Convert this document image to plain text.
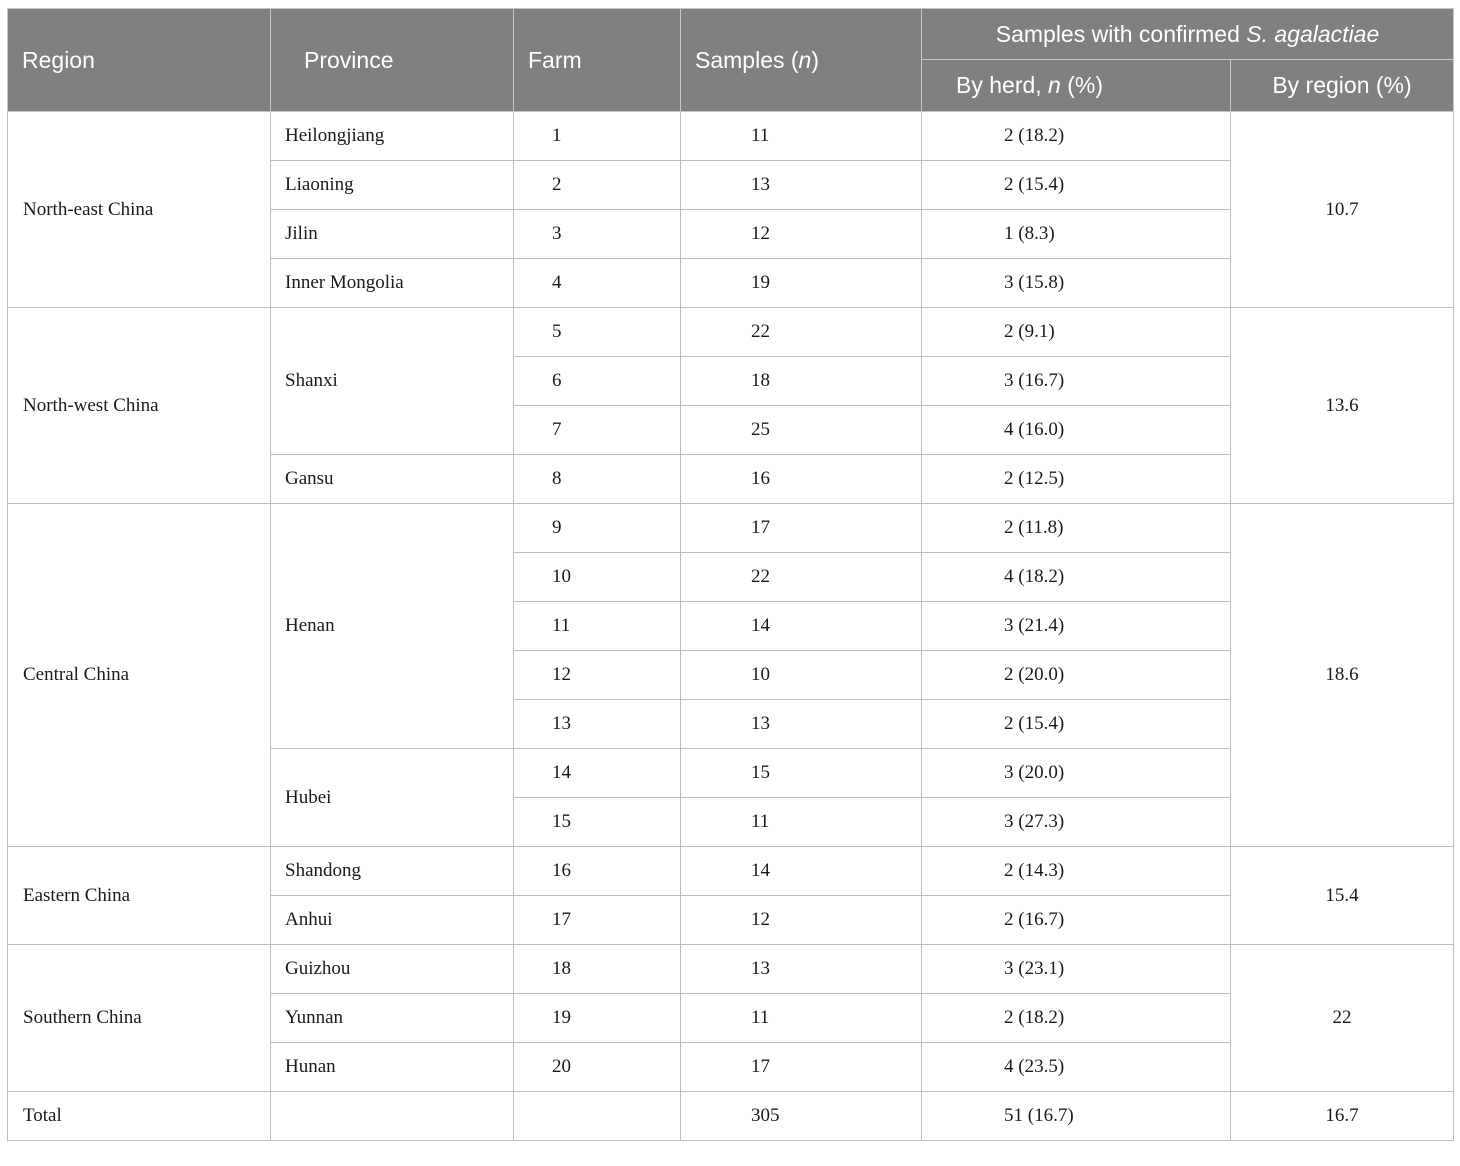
Region	Province	Farm	Samples (n)	Samples with confirmed S. agalactiae	
				By herd, n (%)	By region (%)
North-east China	Heilongjiang	1	11	2 (18.2)	10.7
	Liaoning	2	13	2 (15.4)	
	Jilin	3	12	1 (8.3)	
	Inner Mongolia	4	19	3 (15.8)	
North-west China	Shanxi	5	22	2 (9.1)	13.6
		6	18	3 (16.7)	
		7	25	4 (16.0)	
	Gansu	8	16	2 (12.5)	
Central China	Henan	9	17	2 (11.8)	18.6
		10	22	4 (18.2)	
		11	14	3 (21.4)	
		12	10	2 (20.0)	
		13	13	2 (15.4)	
	Hubei	14	15	3 (20.0)	
		15	11	3 (27.3)	
Eastern China	Shandong	16	14	2 (14.3)	15.4
	Anhui	17	12	2 (16.7)	
Southern China	Guizhou	18	13	3 (23.1)	22
	Yunnan	19	11	2 (18.2)	
	Hunan	20	17	4 (23.5)	
Total			305	51 (16.7)	16.7
